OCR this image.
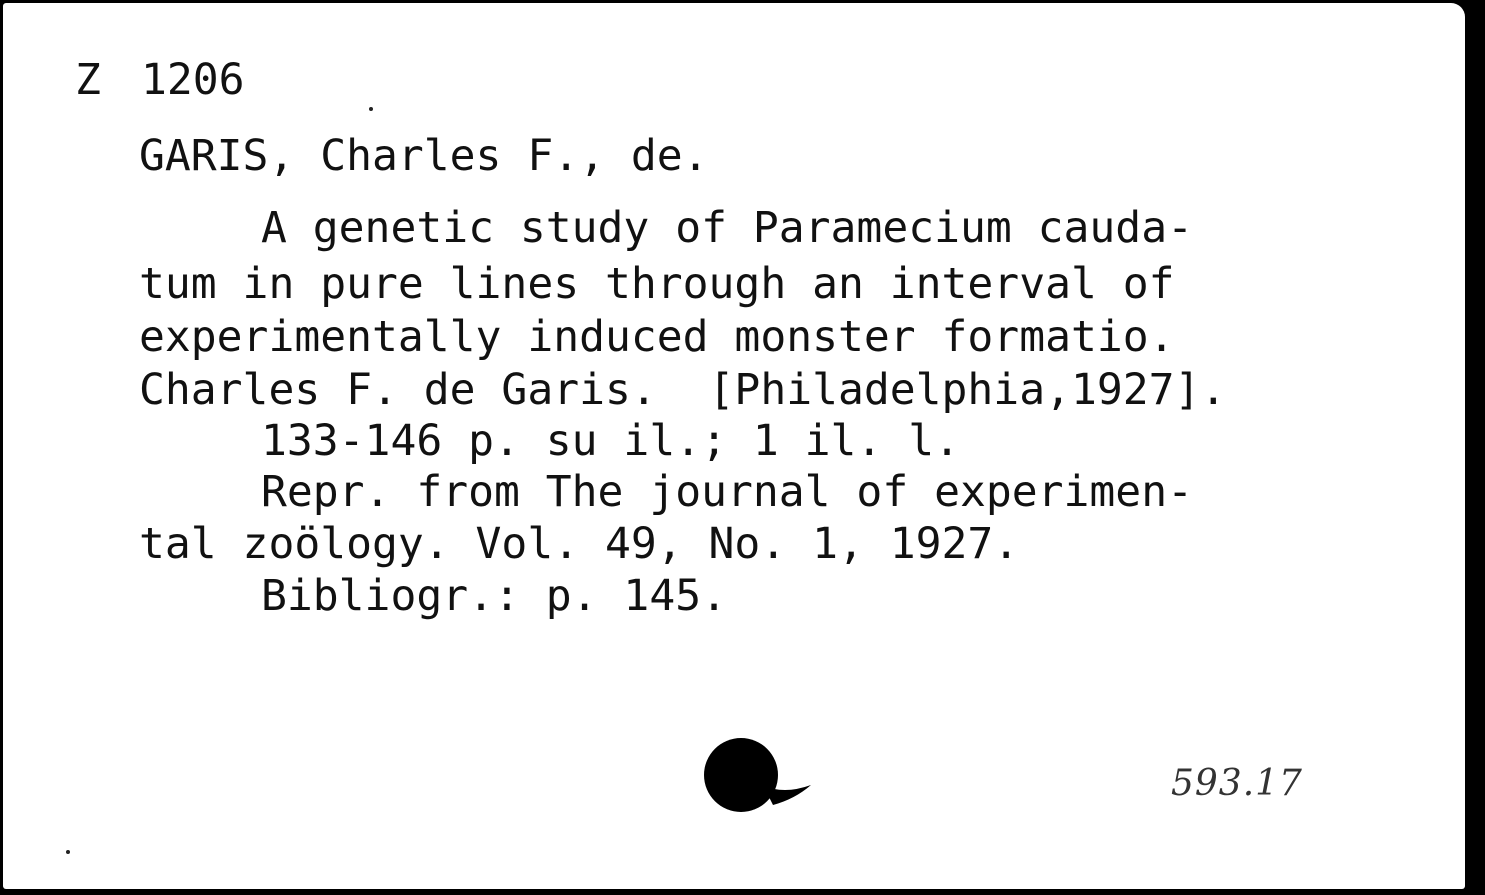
Z 1206
GARIS, Charles F., de.
A genetic study of Paramecium cauda-
tum in pure lines through an interval of
experimentally induced monster formatio.
Charles F. de Garis.  [Philadelphia,1927].
133-146 p. su il.; 1 il. l.
Repr. from The journal of experimen-
tal zoölogy. Vol. 49, No. 1, 1927.
Bibliogr.: p. 145.
593.17
